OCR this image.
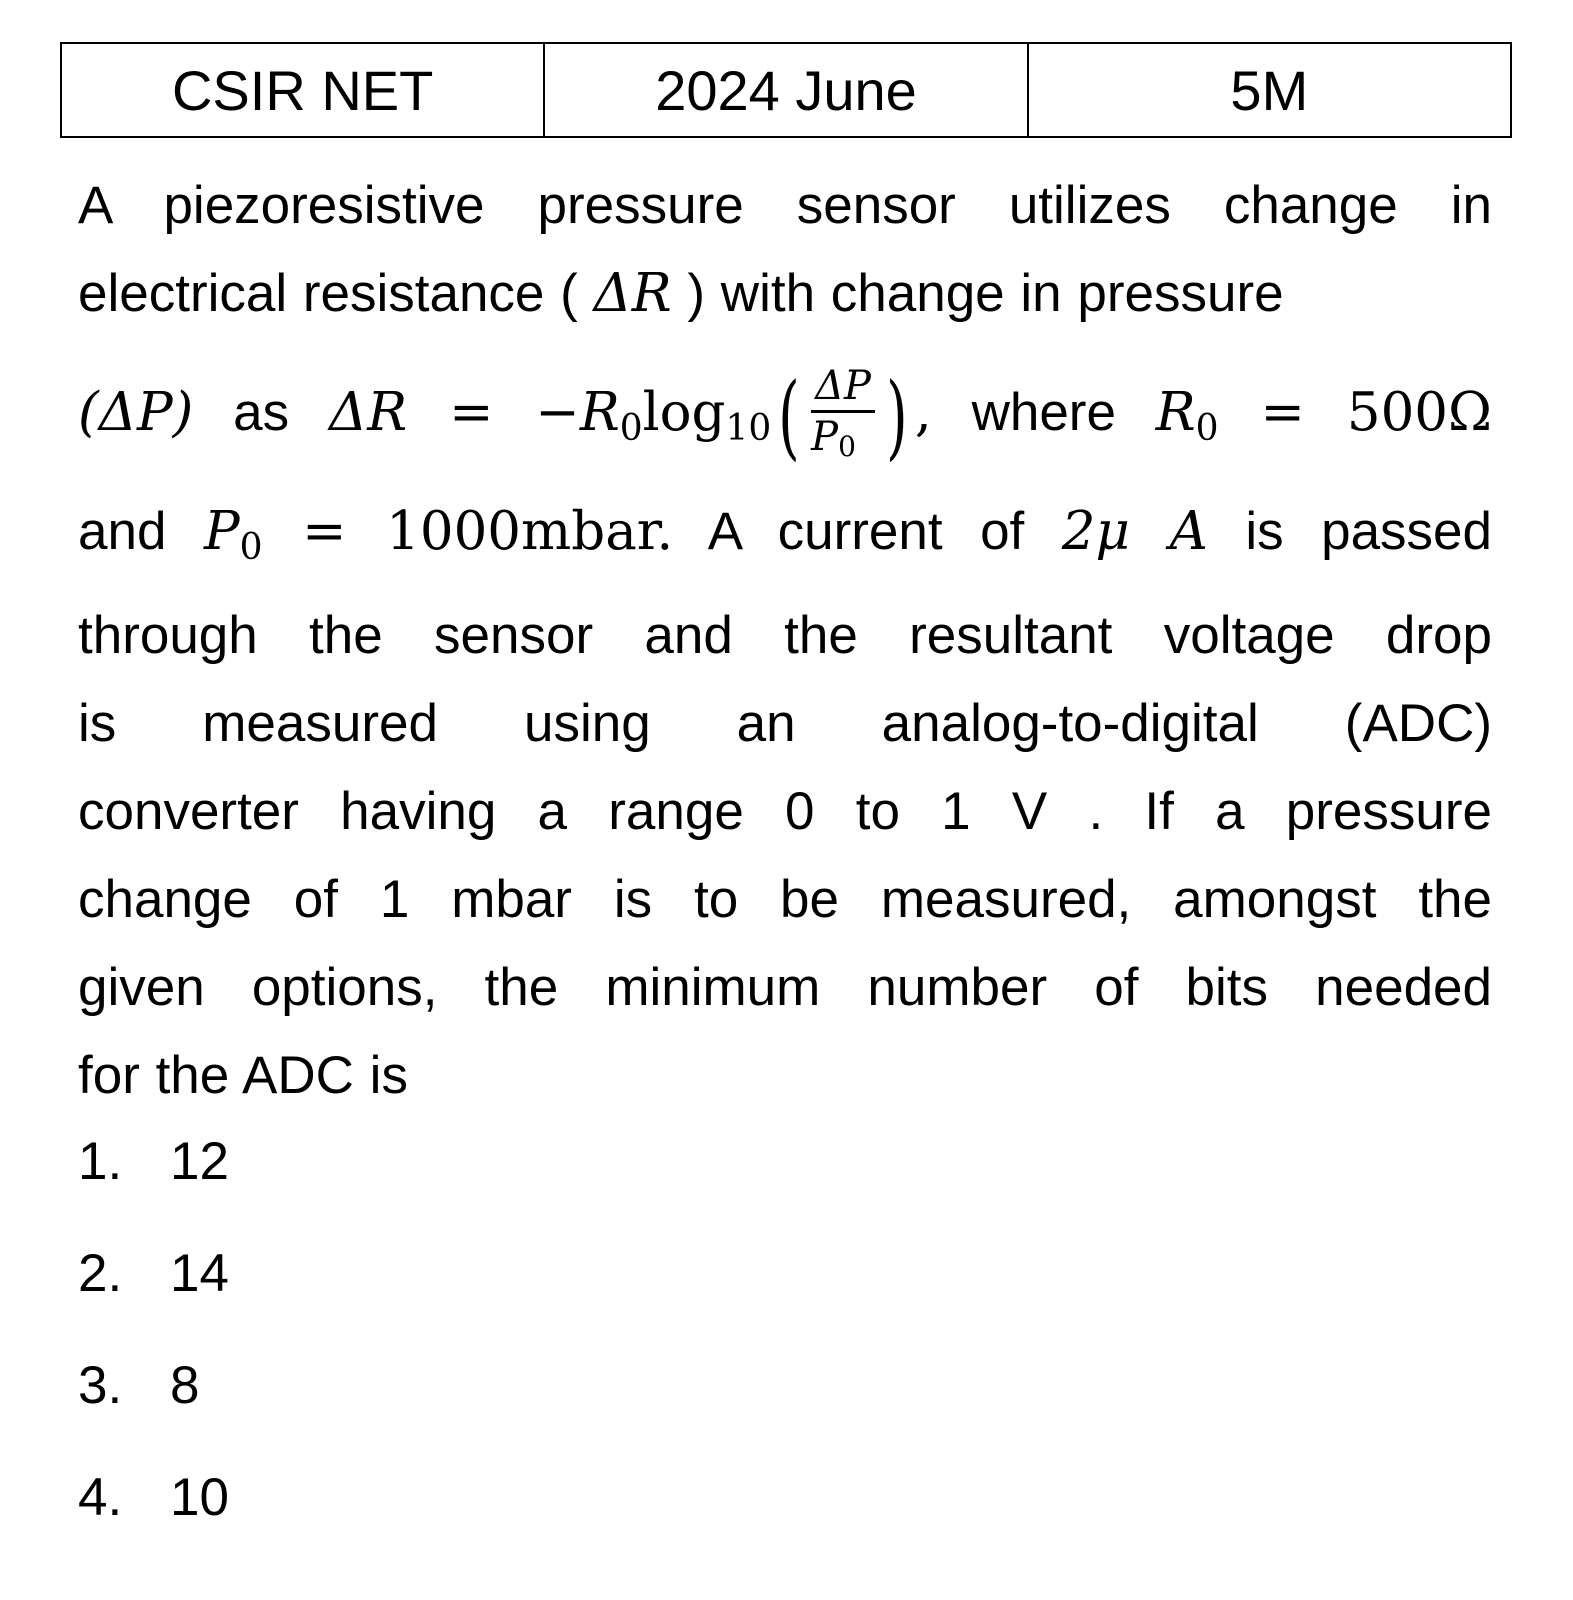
CSIR NET	2024 June	5M
A piezoresistive pressure sensor utilizes change in
electrical resistance ( ΔR ) with change in pressure
(ΔP) as $\Delta R = -R_0\log_{10}( \frac{\Delta P}{P_0}$ ) , where $R_0 = 500\Omega$
and $P_0$ = 1000mbar. A current of 2μ A is passed
through the sensor and the resultant voltage drop
is measured using an analog-to-digital (ADC)
converter having a range 0 to 1 V . If a pressure
change of 1 mbar is to be measured, amongst the
given options, the minimum number of bits needed
for the ADC is
1. 12
2. 14
3. 8
4. 10
